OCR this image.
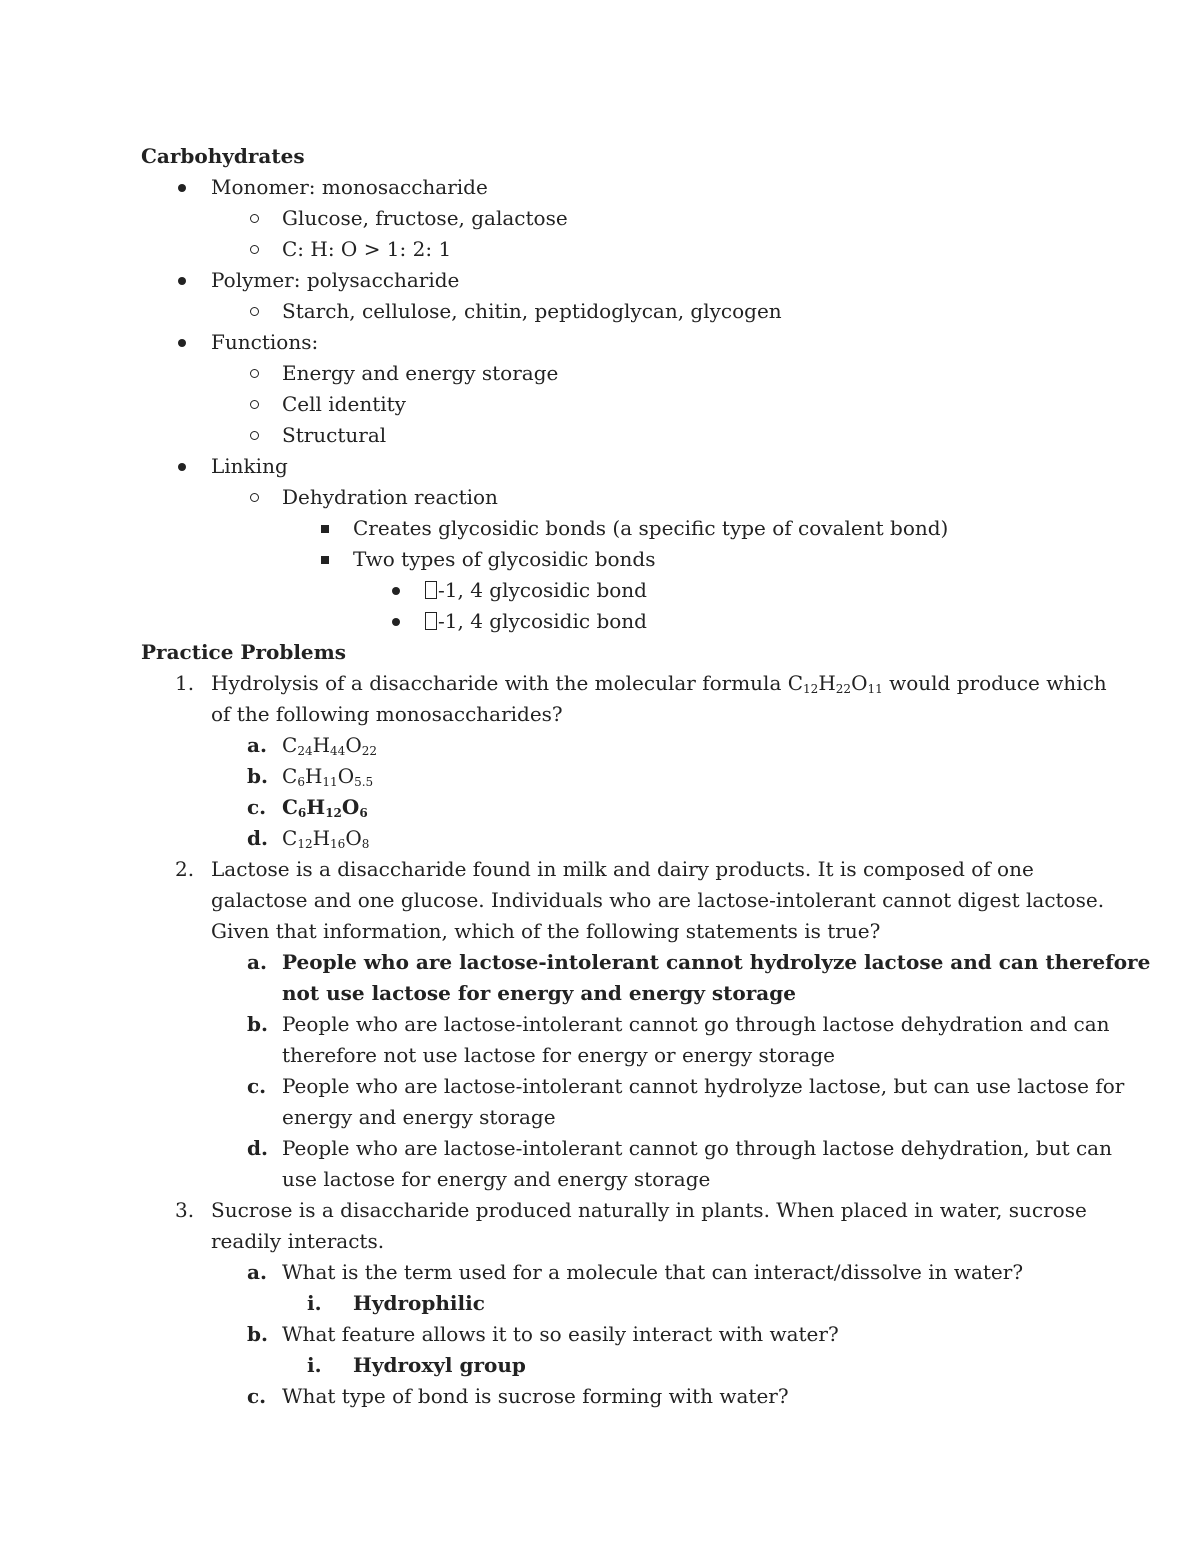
Carbohydrates
Monomer: monosaccharide
Glucose, fructose, galactose
C: H: O > 1: 2: 1
Polymer: polysaccharide
Starch, cellulose, chitin, peptidoglycan, glycogen
Functions:
Energy and energy storage
Cell identity
Structural
Linking
Dehydration reaction
Creates glycosidic bonds (a specific type of covalent bond)
Two types of glycosidic bonds
-1, 4 glycosidic bond
-1, 4 glycosidic bond
Practice Problems
1. Hydrolysis of a disaccharide with the molecular formula $C_{12}H_{22}O_{11}$ would produce which
of the following monosaccharides?
a. $C_{24}H_{44}O_{22}$
b. $C_6H_{11}O_{5.5}$
c. $C_6H_{12}O_6$
d. $C_{12}H_{16}O_8$
2. Lactose is a disaccharide found in milk and dairy products. It is composed of one
galactose and one glucose. Individuals who are lactose-intolerant cannot digest lactose.
Given that information, which of the following statements is true?
a. People who are lactose-intolerant cannot hydrolyze lactose and can therefore
not use lactose for energy and energy storage
b. People who are lactose-intolerant cannot go through lactose dehydration and can
therefore not use lactose for energy or energy storage
c. People who are lactose-intolerant cannot hydrolyze lactose, but can use lactose for
energy and energy storage
d. People who are lactose-intolerant cannot go through lactose dehydration, but can
use lactose for energy and energy storage
3. Sucrose is a disaccharide produced naturally in plants. When placed in water, sucrose
readily interacts.
a. What is the term used for a molecule that can interact/dissolve in water?
i. Hydrophilic
b. What feature allows it to so easily interact with water?
i. Hydroxyl group
c. What type of bond is sucrose forming with water?
